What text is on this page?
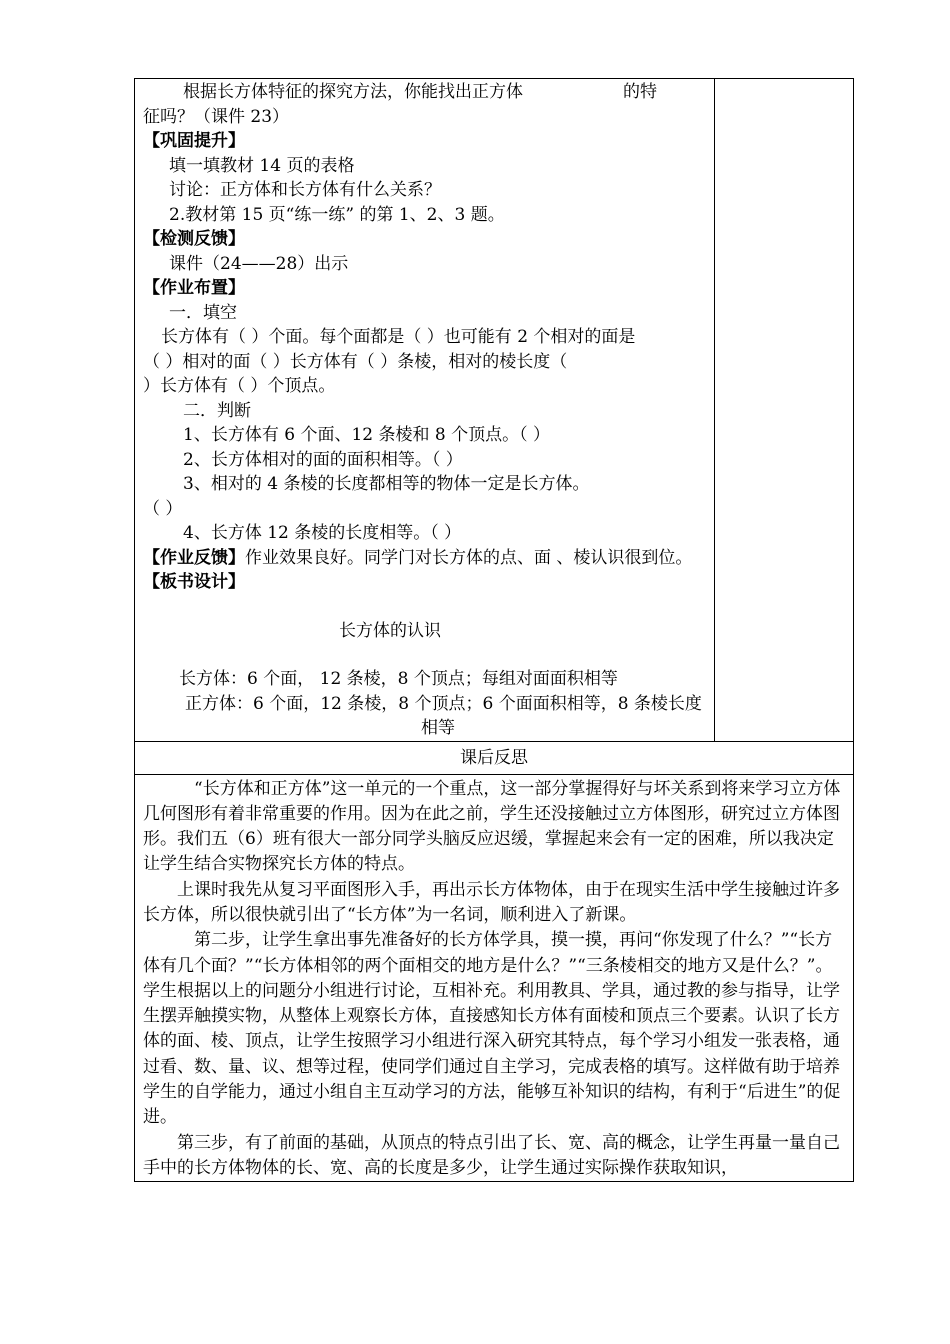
根据长方体特征的探究方法，你能找出正方体	的特
征吗？（课件 23）
【巩固提升】
填一填教材 14 页的表格
讨论：正方体和长方体有什么关系？
2.教材第 15 页“练一练” 的第 1、2、3 题。
【检测反馈】
课件（24——28）出示
【作业布置】
一．填空
长方体有（ ）个面。每个面都是（ ）也可能有 2 个相对的面是
（ ）相对的面（ ）长方体有（ ）条棱，相对的棱长度（
）长方体有（ ）个顶点。
二．判断
1、长方体有 6 个面、12 条棱和 8 个顶点。（ ）
2、长方体相对的面的面积相等。（ ）
3、相对的 4 条棱的长度都相等的物体一定是长方体。
（ ）
4、长方体 12 条棱的长度相等。（ ）
【作业反馈】作业效果良好。同学门对长方体的点、面 、棱认识很到位。
【板书设计】
长方体的认识
长方体：6 个面， 12 条棱，8 个顶点；每组对面面积相等
正方体：6 个面，12 条棱，8 个顶点；6 个面面积相等，8 条棱长度
相等

课后反思

“长方体和正方体”这一单元的一个重点，这一部分掌握得好与坏关系到将来学习立方体几何图形有着非常重要的作用。因为在此之前，学生还没接触过立方体图形，研究过立方体图形。我们五（6）班有很大一部分同学头脑反应迟缓，掌握起来会有一定的困难，所以我决定让学生结合实物探究长方体的特点。

上课时我先从复习平面图形入手，再出示长方体物体，由于在现实生活中学生接触过许多长方体，所以很快就引出了“长方体”为一名词，顺利进入了新课。

第二步，让学生拿出事先准备好的长方体学具，摸一摸，再问“你发现了什么？”“长方体有几个面？”“长方体相邻的两个面相交的地方是什么？”“三条棱相交的地方又是什么？”。学生根据以上的问题分小组进行讨论，互相补充。利用教具、学具，通过教的参与指导，让学生摆弄触摸实物，从整体上观察长方体，直接感知长方体有面棱和顶点三个要素。认识了长方体的面、棱、顶点，让学生按照学习小组进行深入研究其特点，每个学习小组发一张表格，通过看、数、量、议、想等过程，使同学们通过自主学习，完成表格的填写。这样做有助于培养学生的自学能力，通过小组自主互动学习的方法，能够互补知识的结构，有利于“后进生”的促进。

第三步，有了前面的基础，从顶点的特点引出了长、宽、高的概念，让学生再量一量自己手中的长方体物体的长、宽、高的长度是多少，让学生通过实际操作获取知识，
